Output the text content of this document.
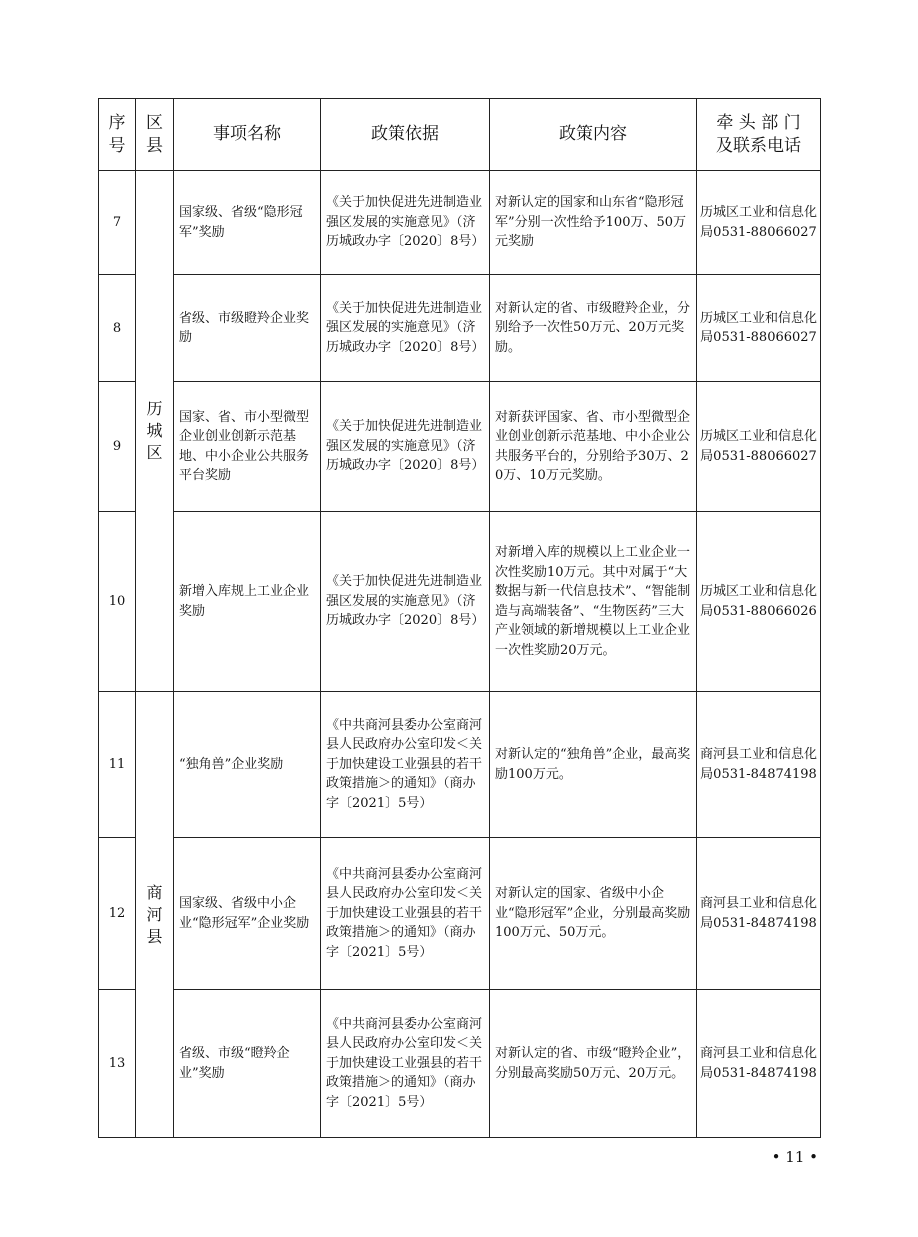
序号	区县	事项名称	政策依据	政策内容	牵 头 部 门及联系电话

7	历城区	国家级、省级“隐形冠军”奖励	《关于加快促进先进制造业强区发展的实施意见》（济历城政办字〔2020〕8号）	对新认定的国家和山东省“隐形冠军”分别一次性给予100万、50万元奖励	历城区工业和信息化局0531-88066027
8		省级、市级瞪羚企业奖励	《关于加快促进先进制造业强区发展的实施意见》（济历城政办字〔2020〕8号）	对新认定的省、市级瞪羚企业，分别给予一次性50万元、20万元奖励。	历城区工业和信息化局0531-88066027
9		国家、省、市小型微型企业创业创新示范基地、中小企业公共服务平台奖励	《关于加快促进先进制造业强区发展的实施意见》（济历城政办字〔2020〕8号）	对新获评国家、省、市小型微型企业创业创新示范基地、中小企业公共服务平台的，分别给予30万、20万、10万元奖励。	历城区工业和信息化局0531-88066027
10		新增入库规上工业企业奖励	《关于加快促进先进制造业强区发展的实施意见》（济历城政办字〔2020〕8号）	对新增入库的规模以上工业企业一次性奖励10万元。其中对属于“大数据与新一代信息技术”、“智能制造与高端装备”、“生物医药”三大产业领域的新增规模以上工业企业一次性奖励20万元。	历城区工业和信息化局0531-88066026
11	商河县	“独角兽”企业奖励	《中共商河县委办公室商河县人民政府办公室印发＜关于加快建设工业强县的若干政策措施＞的通知》（商办字〔2021〕5号）	对新认定的“独角兽”企业，最高奖励100万元。	商河县工业和信息化局0531-84874198
12		国家级、省级中小企业“隐形冠军”企业奖励	《中共商河县委办公室商河县人民政府办公室印发＜关于加快建设工业强县的若干政策措施＞的通知》（商办字〔2021〕5号）	对新认定的国家、省级中小企业“隐形冠军”企业，分别最高奖励100万元、50万元。	商河县工业和信息化局0531-84874198
13		省级、市级“瞪羚企业”奖励	《中共商河县委办公室商河县人民政府办公室印发＜关于加快建设工业强县的若干政策措施＞的通知》（商办字〔2021〕5号）	对新认定的省、市级“瞪羚企业”，分别最高奖励50万元、20万元。	商河县工业和信息化局0531-84874198
• 11 •
